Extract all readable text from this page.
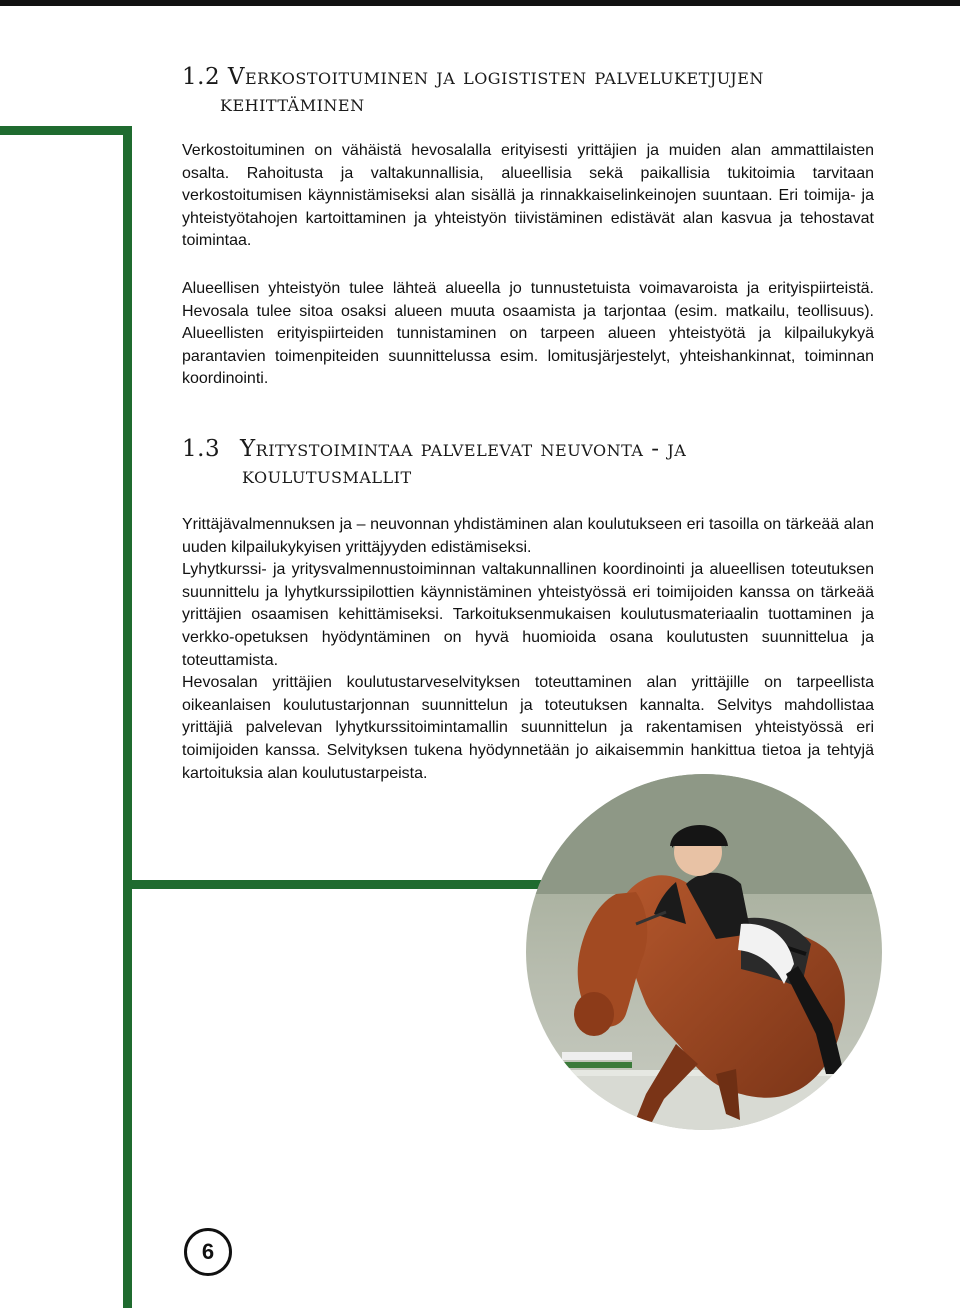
1.2 Verkostoituminen ja logististen palveluketjujen
kehittäminen

Verkostoituminen on vähäistä hevosalalla erityisesti yrittäjien ja muiden alan ammattilaisten osalta. Rahoitusta ja valtakunnallisia, alueellisia sekä paikallisia tukitoimia tarvitaan verkostoitumisen käynnistämiseksi alan sisällä ja rinnakkaiselinkeinojen suuntaan. Eri toimija- ja yhteistyötahojen kartoittaminen ja yhteistyön tiivistäminen edistävät alan kasvua ja tehostavat toimintaa.

Alueellisen yhteistyön tulee lähteä alueella jo tunnustetuista voimavaroista ja erityispiirteistä. Hevosala tulee sitoa osaksi alueen muuta osaamista ja tarjontaa (esim. matkailu, teollisuus). Alueellisten erityispiirteiden tunnistaminen on tarpeen alueen yhteistyötä ja kilpailukykyä parantavien toimenpiteiden suunnittelussa esim. lomitusjärjestelyt, yhteishankinnat, toiminnan koordinointi.

1.3 Yritystoimintaa palvelevat neuvonta - ja
koulutusmallit
Yrittäjävalmennuksen ja – neuvonnan yhdistäminen alan koulutukseen eri tasoilla on tärkeää alan uuden kilpailukykyisen yrittäjyyden edistämiseksi.
Lyhytkurssi- ja yritysvalmennustoiminnan valtakunnallinen koordinointi ja alueellisen toteutuksen suunnittelu ja lyhytkurssipilottien käynnistäminen yhteistyössä eri toimijoiden kanssa on tärkeää yrittäjien osaamisen kehittämiseksi. Tarkoituksenmukaisen koulutusmateriaalin tuottaminen ja verkko-opetuksen hyödyntäminen on hyvä huomioida osana koulutusten suunnittelua ja toteuttamista.
Hevosalan yrittäjien koulutustarveselvityksen toteuttaminen alan yrittäjille on tarpeellista oikeanlaisen koulutustarjonnan suunnittelun ja toteutuksen kannalta. Selvitys mahdollistaa yrittäjiä palvelevan lyhytkurssitoimintamallin suunnittelun ja rakentamisen yhteistyössä eri toimijoiden kanssa. Selvityksen tukena hyödynnetään jo aikaisemmin hankittua tietoa ja tehtyjä kartoituksia alan koulutustarpeista.
6
